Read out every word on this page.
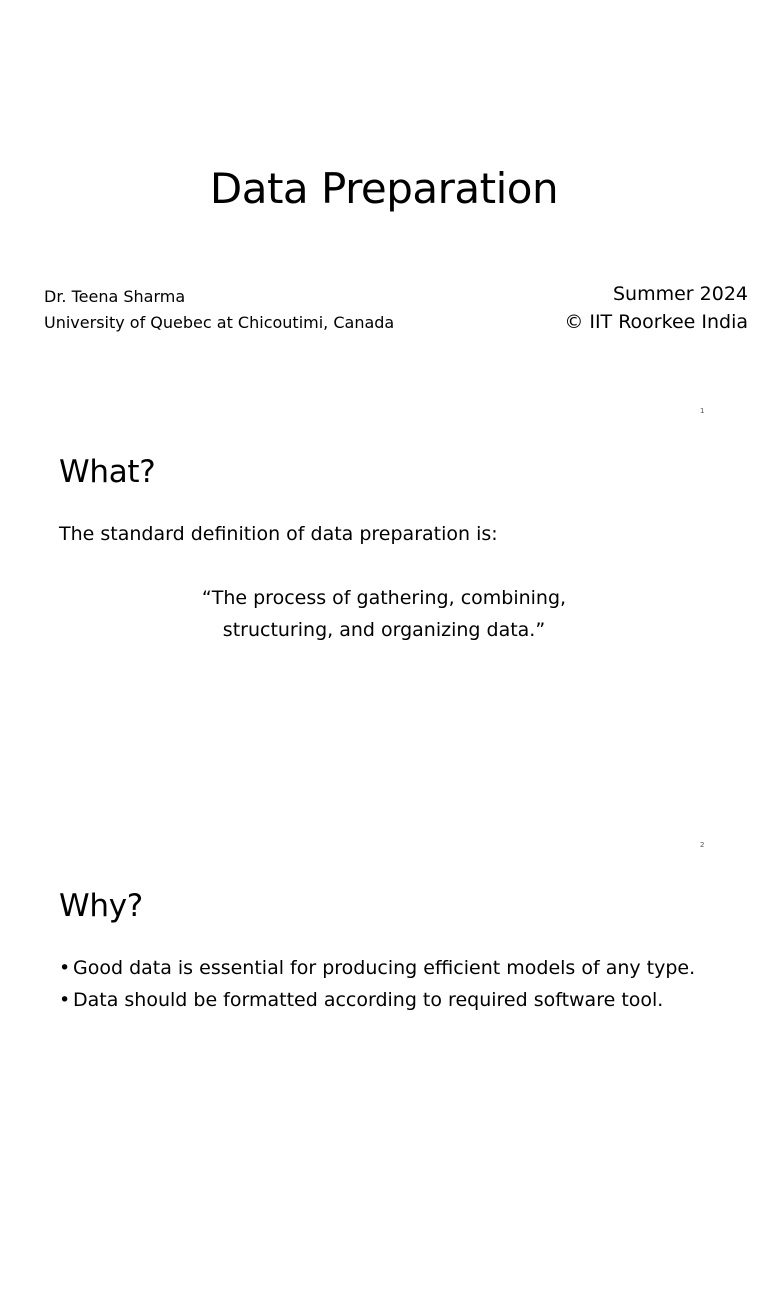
Data Preparation
Dr. Teena Sharma
University of Quebec at Chicoutimi, Canada
Summer 2024
© IIT Roorkee India
1
What?
The standard definition of data preparation is:
“The process of gathering, combining,
structuring, and organizing data.”
2
Why?
• Good data is essential for producing efficient models of any type.
• Data should be formatted according to required software tool.
